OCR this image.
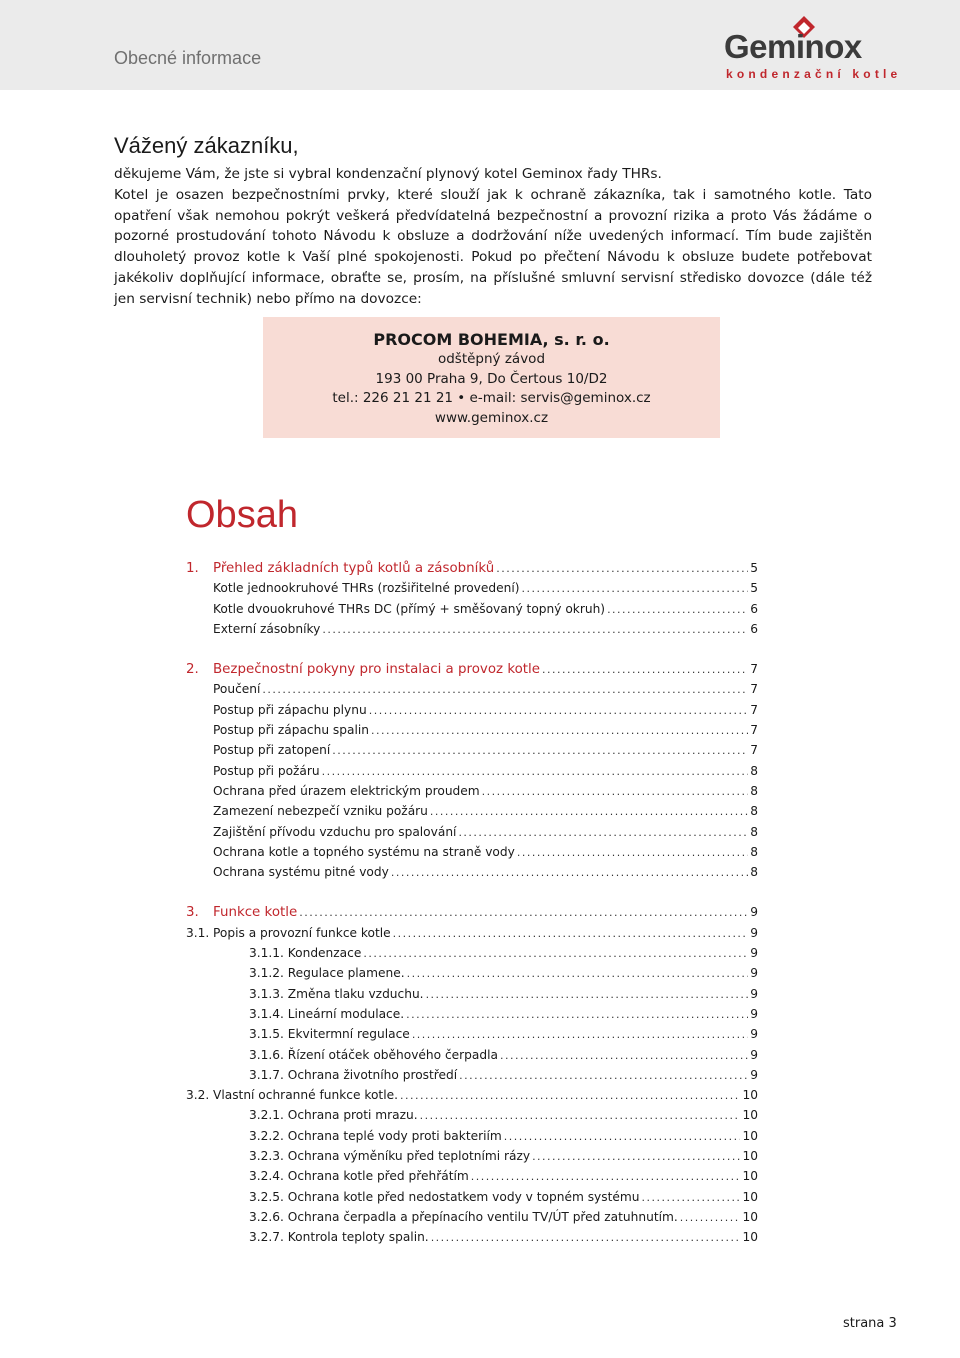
Obecné informace	Geminox
kondenzační kotle
Vážený zákazníku,

děkujeme Vám, že jste si vybral kondenzační plynový kotel Geminox řady THRs.

Kotel je osazen bezpečnostními prvky, které slouží jak k ochraně zákazníka, tak i samotného kotle. Tato opatření však nemohou pokrýt veškerá předvídatelná bezpečnostní a provozní rizika a proto Vás žádáme o pozorné prostudování tohoto Návodu k obsluze a dodržování níže uvedených informací. Tím bude zajištěn dlouholetý provoz kotle k Vaší plné spokojenosti. Pokud po přečtení Návodu k obsluze budete potřebovat jakékoliv doplňující informace, obraťte se, prosím, na příslušné smluvní servisní středisko dovozce (dále též jen servisní technik) nebo přímo na dovozce:

PROCOM BOHEMIA, s. r. o.
odštěpný závod
193 00 Praha 9, Do Čertous 10/D2
tel.: 226 21 21 21 • e-mail: servis@geminox.cz
www.geminox.cz
Obsah
1.	Přehled základních typů kotlů a zásobníků .....	5
Kotle jednookruhové THRs (rozšiřitelné provedení) .....	5
Kotle dvouokruhové THRs DC (přímý + směšovaný topný okruh) .....	6
Externí zásobníky .....	6
2.	Bezpečnostní pokyny pro instalaci a provoz kotle .....	7
Poučení .....	7
Postup při zápachu plynu .....	7
Postup při zápachu spalin .....	7
Postup při zatopení .....	7
Postup při požáru .....	8
Ochrana před úrazem elektrickým proudem .....	8
Zamezení nebezpečí vzniku požáru .....	8
Zajištění přívodu vzduchu pro spalování .....	8
Ochrana kotle a topného systému na straně vody .....	8
Ochrana systému pitné vody .....	8
3.	Funkce kotle .....	9
3.1. Popis a provozní funkce kotle .....	9
3.1.1. Kondenzace .....	9
3.1.2. Regulace plamene. .....	9
3.1.3. Změna tlaku vzduchu. .....	9
3.1.4. Lineární modulace. .....	9
3.1.5. Ekvitermní regulace .....	9
3.1.6. Řízení otáček oběhového čerpadla .....	9
3.1.7. Ochrana životního prostředí .....	9
3.2. Vlastní ochranné funkce kotle. .....	10
3.2.1. Ochrana proti mrazu. .....	10
3.2.2. Ochrana teplé vody proti bakteriím .....	10
3.2.3. Ochrana výměníku před teplotními rázy .....	10
3.2.4. Ochrana kotle před přehřátím .....	10
3.2.5. Ochrana kotle před nedostatkem vody v topném systému .....	10
3.2.6. Ochrana čerpadla a přepínacího ventilu TV/ÚT před zatuhnutím. .....	10
3.2.7. Kontrola teploty spalin. .....	10
strana 3
